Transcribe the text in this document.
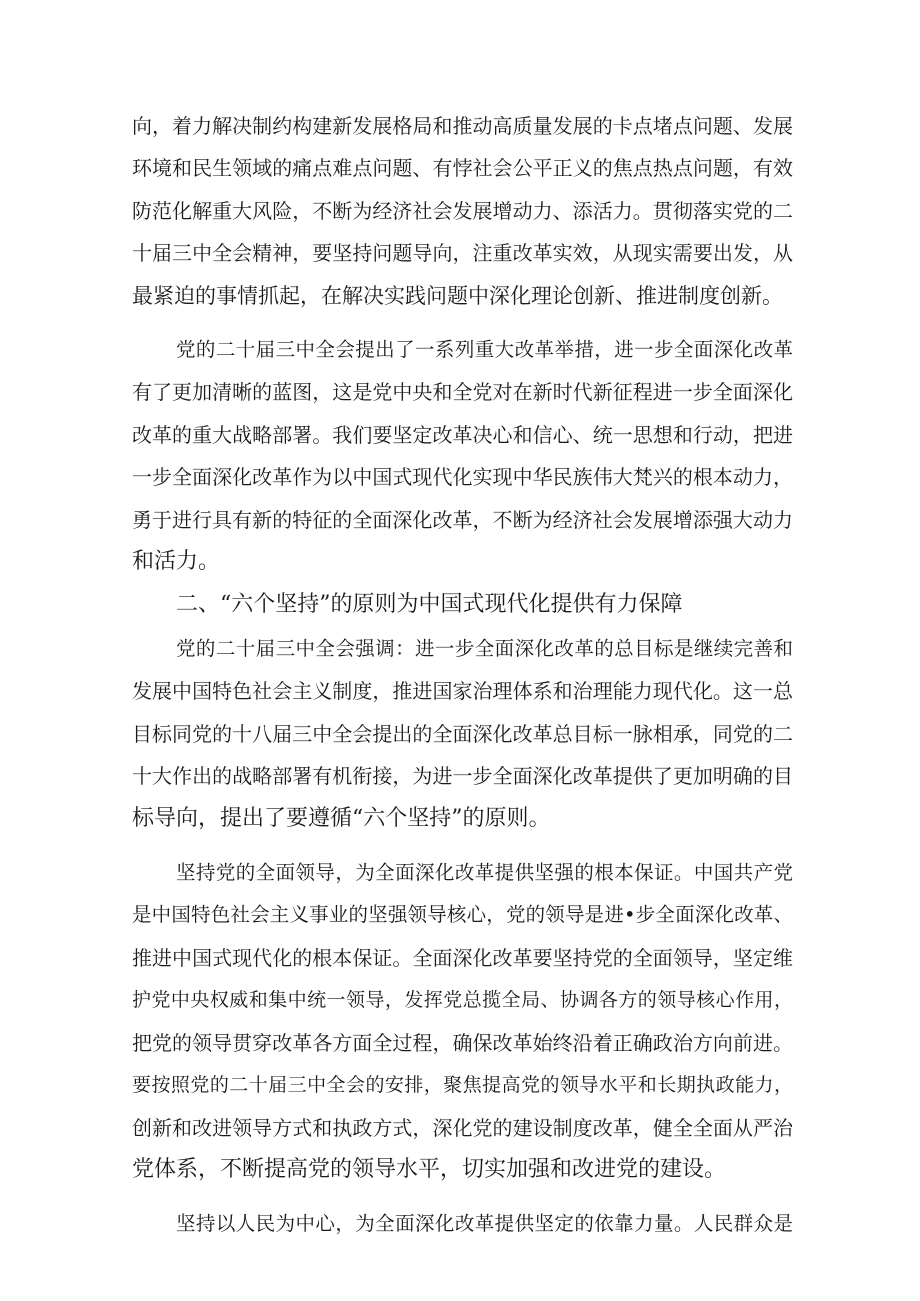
向，着力解决制约构建新发展格局和推动高质量发展的卡点堵点问题、发展
环境和民生领域的痛点难点问题、有悖社会公平正义的焦点热点问题，有效
防范化解重大风险，不断为经济社会发展增动力、添活力。贯彻落实党的二
十届三中全会精神，要坚持问题导向，注重改革实效，从现实需要出发，从
最紧迫的事情抓起，在解决实践问题中深化理论创新、推进制度创新。
党的二十届三中全会提出了一系列重大改革举措，进一步全面深化改革
有了更加清晰的蓝图，这是党中央和全党对在新时代新征程进一步全面深化
改革的重大战略部署。我们要坚定改革决心和信心、统一思想和行动，把进
一步全面深化改革作为以中国式现代化实现中华民族伟大梵兴的根本动力，
勇于进行具有新的特征的全面深化改革，不断为经济社会发展增添强大动力
和活力。
二、“六个坚持”的原则为中国式现代化提供有力保障
党的二十届三中全会强调：进一步全面深化改革的总目标是继续完善和
发展中国特色社会主义制度，推进国家治理体系和治理能力现代化。这一总
目标同党的十八届三中全会提出的全面深化改革总目标一脉相承，同党的二
十大作出的战略部署有机衔接，为进一步全面深化改革提供了更加明确的目
标导向，提出了要遵循“六个坚持”的原则。
坚持党的全面领导，为全面深化改革提供坚强的根本保证。中国共产党
是中国特色社会主义事业的坚强领导核心，党的领导是进•步全面深化改革、
推进中国式现代化的根本保证。全面深化改革要坚持党的全面领导，坚定维
护党中央权威和集中统一领导，发挥党总揽全局、协调各方的领导核心作用，
把党的领导贯穿改革各方面全过程，确保改革始终沿着正确政治方向前进。
要按照党的二十届三中全会的安排，聚焦提高党的领导水平和长期执政能力，
创新和改进领导方式和执政方式，深化党的建设制度改革，健全全面从严治
党体系，不断提高党的领导水平，切实加强和改进党的建设。
坚持以人民为中心，为全面深化改革提供坚定的依靠力量。人民群众是
